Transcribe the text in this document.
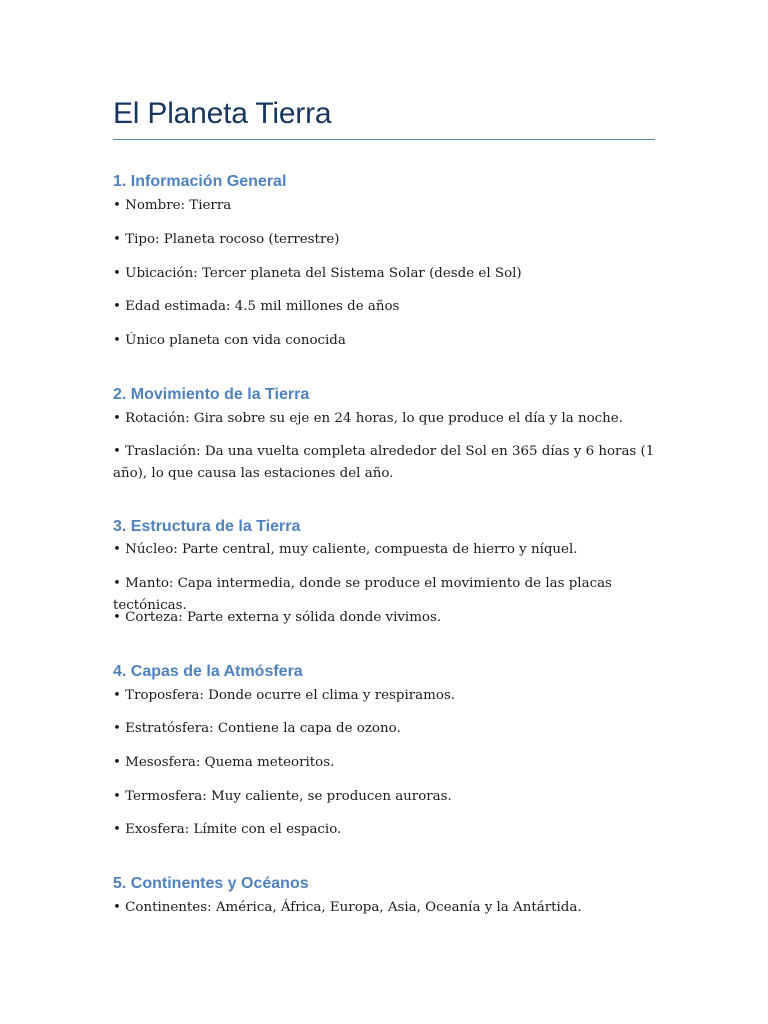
El Planeta Tierra
1. Información General

• Nombre: Tierra

• Tipo: Planeta rocoso (terrestre)

• Ubicación: Tercer planeta del Sistema Solar (desde el Sol)

• Edad estimada: 4.5 mil millones de años

• Único planeta con vida conocida

2. Movimiento de la Tierra

• Rotación: Gira sobre su eje en 24 horas, lo que produce el día y la noche.

• Traslación: Da una vuelta completa alrededor del Sol en 365 días y 6 horas (1 año), lo que causa las estaciones del año.

3. Estructura de la Tierra

• Núcleo: Parte central, muy caliente, compuesta de hierro y níquel.

• Manto: Capa intermedia, donde se produce el movimiento de las placas tectónicas.

• Corteza: Parte externa y sólida donde vivimos.

4. Capas de la Atmósfera

• Troposfera: Donde ocurre el clima y respiramos.

• Estratósfera: Contiene la capa de ozono.

• Mesosfera: Quema meteoritos.

• Termosfera: Muy caliente, se producen auroras.

• Exosfera: Límite con el espacio.

5. Continentes y Océanos

• Continentes: América, África, Europa, Asia, Oceanía y la Antártida.
